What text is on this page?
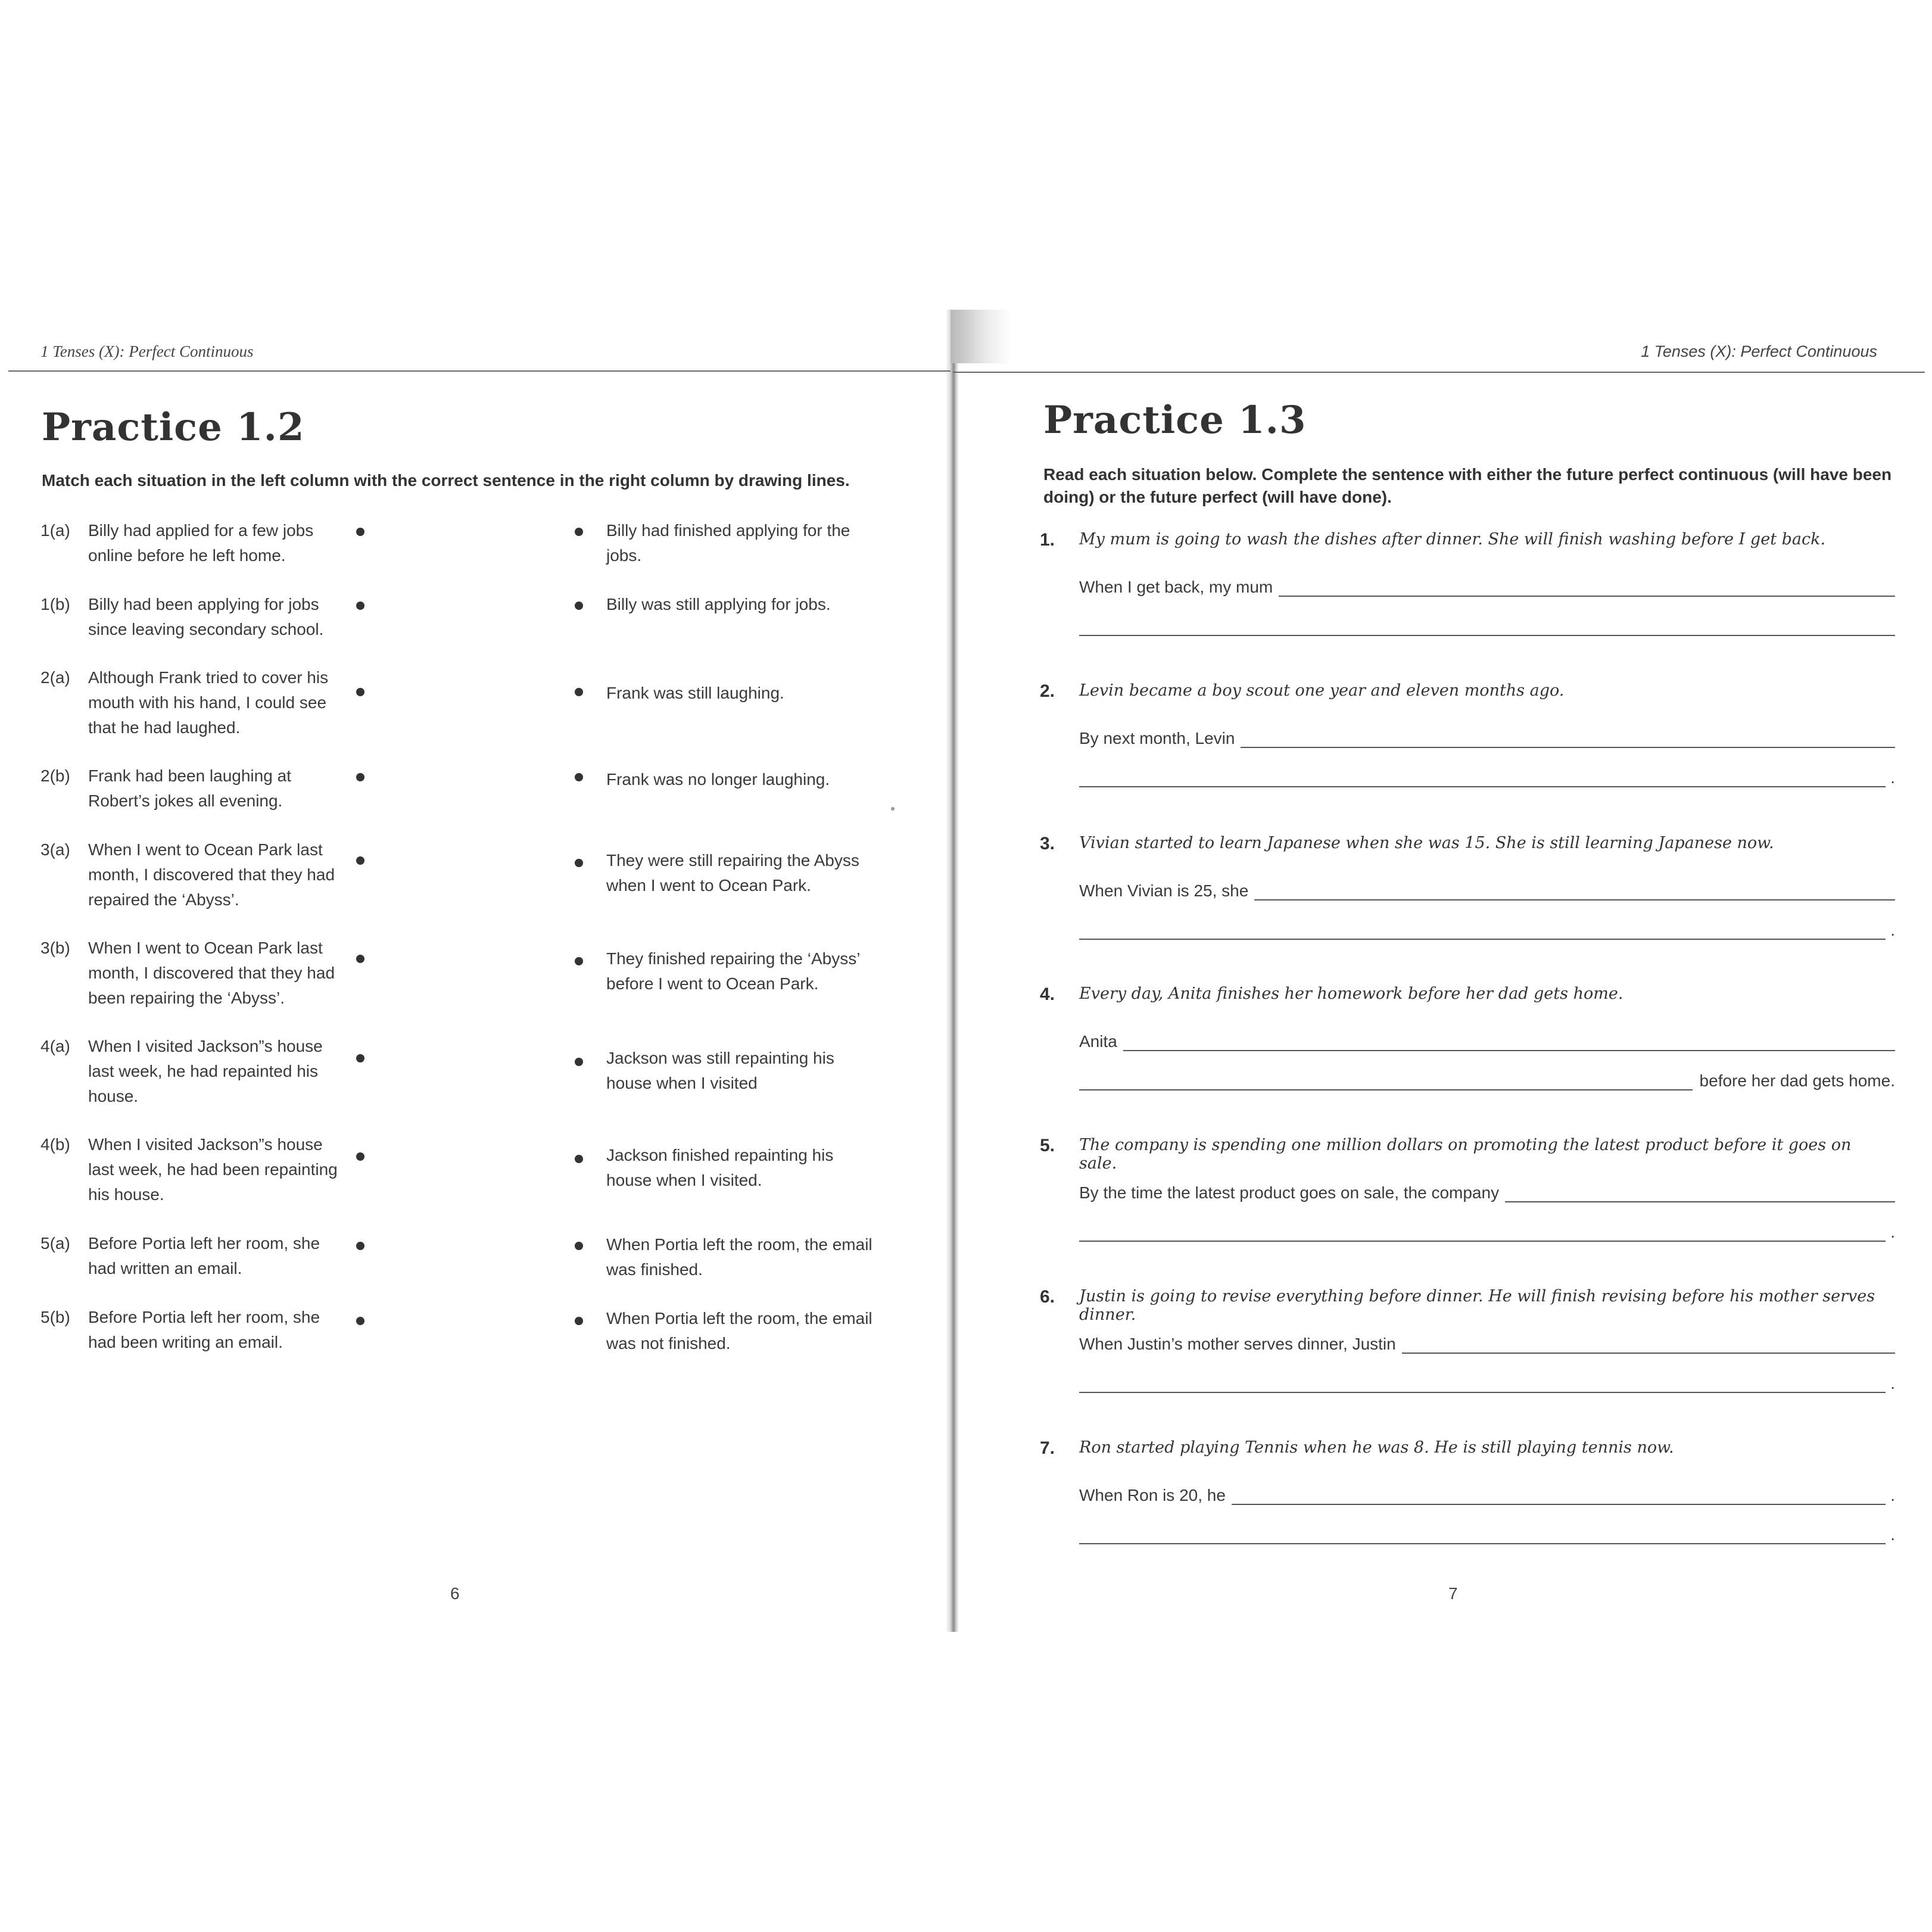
1 Tenses (X): Perfect Continuous
Practice 1.2
Match each situation in the left column with the correct sentence in the right column by drawing lines.
1(a)	Billy had applied for a few jobs online before he left home.
Billy had finished applying for the jobs.
1(b)	Billy had been applying for jobs since leaving secondary school.
Billy was still applying for jobs.
2(a)	Although Frank tried to cover his mouth with his hand, I could see that he had laughed.
Frank was still laughing.
2(b)	Frank had been laughing at Robert’s jokes all evening.
Frank was no longer laughing.
3(a)	When I went to Ocean Park last month, I discovered that they had repaired the ‘Abyss’.
They were still repairing the Abyss when I went to Ocean Park.
3(b)	When I went to Ocean Park last month, I discovered that they had been repairing the ‘Abyss’.
They finished repairing the ‘Abyss’ before I went to Ocean Park.
4(a)	When I visited Jackson”s house last week, he had repainted his house.
Jackson was still repainting his house when I visited
4(b)	When I visited Jackson”s house last week, he had been repainting his house.
Jackson finished repainting his house when I visited.
5(a)	Before Portia left her room, she had written an email.
When Portia left the room, the email was finished.
5(b)	Before Portia left her room, she had been writing an email.
When Portia left the room, the email was not finished.
6
1 Tenses (X): Perfect Continuous
Practice 1.3
Read each situation below. Complete the sentence with either the future perfect continuous (will have been doing) or the future perfect (will have done).
1. My mum is going to wash the dishes after dinner. She will finish washing before I get back.
When I get back, my mum
2. Levin became a boy scout one year and eleven months ago.
By next month, Levin
.
3. Vivian started to learn Japanese when she was 15. She is still learning Japanese now.
When Vivian is 25, she
.
4. Every day, Anita finishes her homework before her dad gets home.
Anita
before her dad gets home.
5. The company is spending one million dollars on promoting the latest product before it goes on sale.
By the time the latest product goes on sale, the company
.
6. Justin is going to revise everything before dinner. He will finish revising before his mother serves dinner.
When Justin’s mother serves dinner, Justin
.
7. Ron started playing Tennis when he was 8. He is still playing tennis now.
When Ron is 20, he	.
.
7
